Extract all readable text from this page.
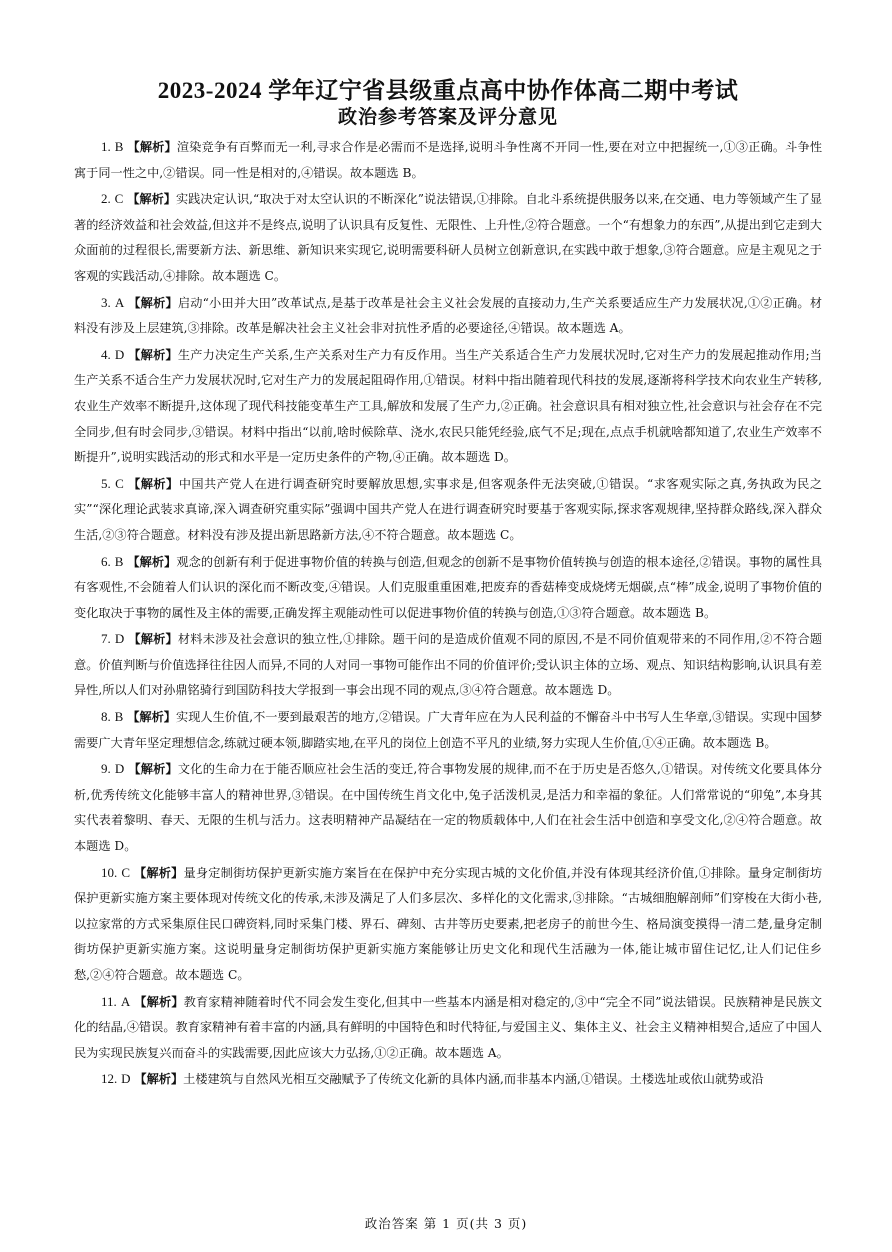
2023-2024 学年辽宁省县级重点高中协作体高二期中考试
政治参考答案及评分意见

1. B 【解析】渲染竞争有百弊而无一利,寻求合作是必需而不是选择,说明斗争性离不开同一性,要在对立中把握统一,①③正确。斗争性寓于同一性之中,②错误。同一性是相对的,④错误。故本题选 B。

2. C 【解析】实践决定认识,“取决于对太空认识的不断深化”说法错误,①排除。自北斗系统提供服务以来,在交通、电力等领域产生了显著的经济效益和社会效益,但这并不是终点,说明了认识具有反复性、无限性、上升性,②符合题意。一个“有想象力的东西”,从提出到它走到大众面前的过程很长,需要新方法、新思维、新知识来实现它,说明需要科研人员树立创新意识,在实践中敢于想象,③符合题意。应是主观见之于客观的实践活动,④排除。故本题选 C。

3. A 【解析】启动“小田并大田”改革试点,是基于改革是社会主义社会发展的直接动力,生产关系要适应生产力发展状况,①②正确。材料没有涉及上层建筑,③排除。改革是解决社会主义社会非对抗性矛盾的必要途径,④错误。故本题选 A。

4. D 【解析】生产力决定生产关系,生产关系对生产力有反作用。当生产关系适合生产力发展状况时,它对生产力的发展起推动作用;当生产关系不适合生产力发展状况时,它对生产力的发展起阻碍作用,①错误。材料中指出随着现代科技的发展,逐渐将科学技术向农业生产转移,农业生产效率不断提升,这体现了现代科技能变革生产工具,解放和发展了生产力,②正确。社会意识具有相对独立性,社会意识与社会存在不完全同步,但有时会同步,③错误。材料中指出“以前,啥时候除草、浇水,农民只能凭经验,底气不足;现在,点点手机就啥都知道了,农业生产效率不断提升”,说明实践活动的形式和水平是一定历史条件的产物,④正确。故本题选 D。

5. C 【解析】中国共产党人在进行调查研究时要解放思想,实事求是,但客观条件无法突破,①错误。“求客观实际之真,务执政为民之实”“深化理论武装求真谛,深入调查研究重实际”强调中国共产党人在进行调查研究时要基于客观实际,探求客观规律,坚持群众路线,深入群众生活,②③符合题意。材料没有涉及提出新思路新方法,④不符合题意。故本题选 C。

6. B 【解析】观念的创新有利于促进事物价值的转换与创造,但观念的创新不是事物价值转换与创造的根本途径,②错误。事物的属性具有客观性,不会随着人们认识的深化而不断改变,④错误。人们克服重重困难,把废弃的香菇棒变成烧烤无烟碳,点“棒”成金,说明了事物价值的变化取决于事物的属性及主体的需要,正确发挥主观能动性可以促进事物价值的转换与创造,①③符合题意。故本题选 B。

7. D 【解析】材料未涉及社会意识的独立性,①排除。题干问的是造成价值观不同的原因,不是不同价值观带来的不同作用,②不符合题意。价值判断与价值选择往往因人而异,不同的人对同一事物可能作出不同的价值评价;受认识主体的立场、观点、知识结构影响,认识具有差异性,所以人们对孙鼎铭骑行到国防科技大学报到一事会出现不同的观点,③④符合题意。故本题选 D。

8. B 【解析】实现人生价值,不一要到最艰苦的地方,②错误。广大青年应在为人民利益的不懈奋斗中书写人生华章,③错误。实现中国梦需要广大青年坚定理想信念,练就过硬本领,脚踏实地,在平凡的岗位上创造不平凡的业绩,努力实现人生价值,①④正确。故本题选 B。

9. D 【解析】文化的生命力在于能否顺应社会生活的变迁,符合事物发展的规律,而不在于历史是否悠久,①错误。对传统文化要具体分析,优秀传统文化能够丰富人的精神世界,③错误。在中国传统生肖文化中,兔子活泼机灵,是活力和幸福的象征。人们常常说的“卯兔”,本身其实代表着黎明、春天、无限的生机与活力。这表明精神产品凝结在一定的物质载体中,人们在社会生活中创造和享受文化,②④符合题意。故本题选 D。

10. C 【解析】量身定制街坊保护更新实施方案旨在在保护中充分实现古城的文化价值,并没有体现其经济价值,①排除。量身定制街坊保护更新实施方案主要体现对传统文化的传承,未涉及满足了人们多层次、多样化的文化需求,③排除。“古城细胞解剖师”们穿梭在大街小巷,以拉家常的方式采集原住民口碑资料,同时采集门楼、界石、碑刻、古井等历史要素,把老房子的前世今生、格局演变摸得一清二楚,量身定制街坊保护更新实施方案。这说明量身定制街坊保护更新实施方案能够让历史文化和现代生活融为一体,能让城市留住记忆,让人们记住乡愁,②④符合题意。故本题选 C。

11. A 【解析】教育家精神随着时代不同会发生变化,但其中一些基本内涵是相对稳定的,③中“完全不同”说法错误。民族精神是民族文化的结晶,④错误。教育家精神有着丰富的内涵,具有鲜明的中国特色和时代特征,与爱国主义、集体主义、社会主义精神相契合,适应了中国人民为实现民族复兴而奋斗的实践需要,因此应该大力弘扬,①②正确。故本题选 A。

12. D 【解析】土楼建筑与自然风光相互交融赋予了传统文化新的具体内涵,而非基本内涵,①错误。土楼选址或依山就势或沿

政治答案 第 1 页(共 3 页)
